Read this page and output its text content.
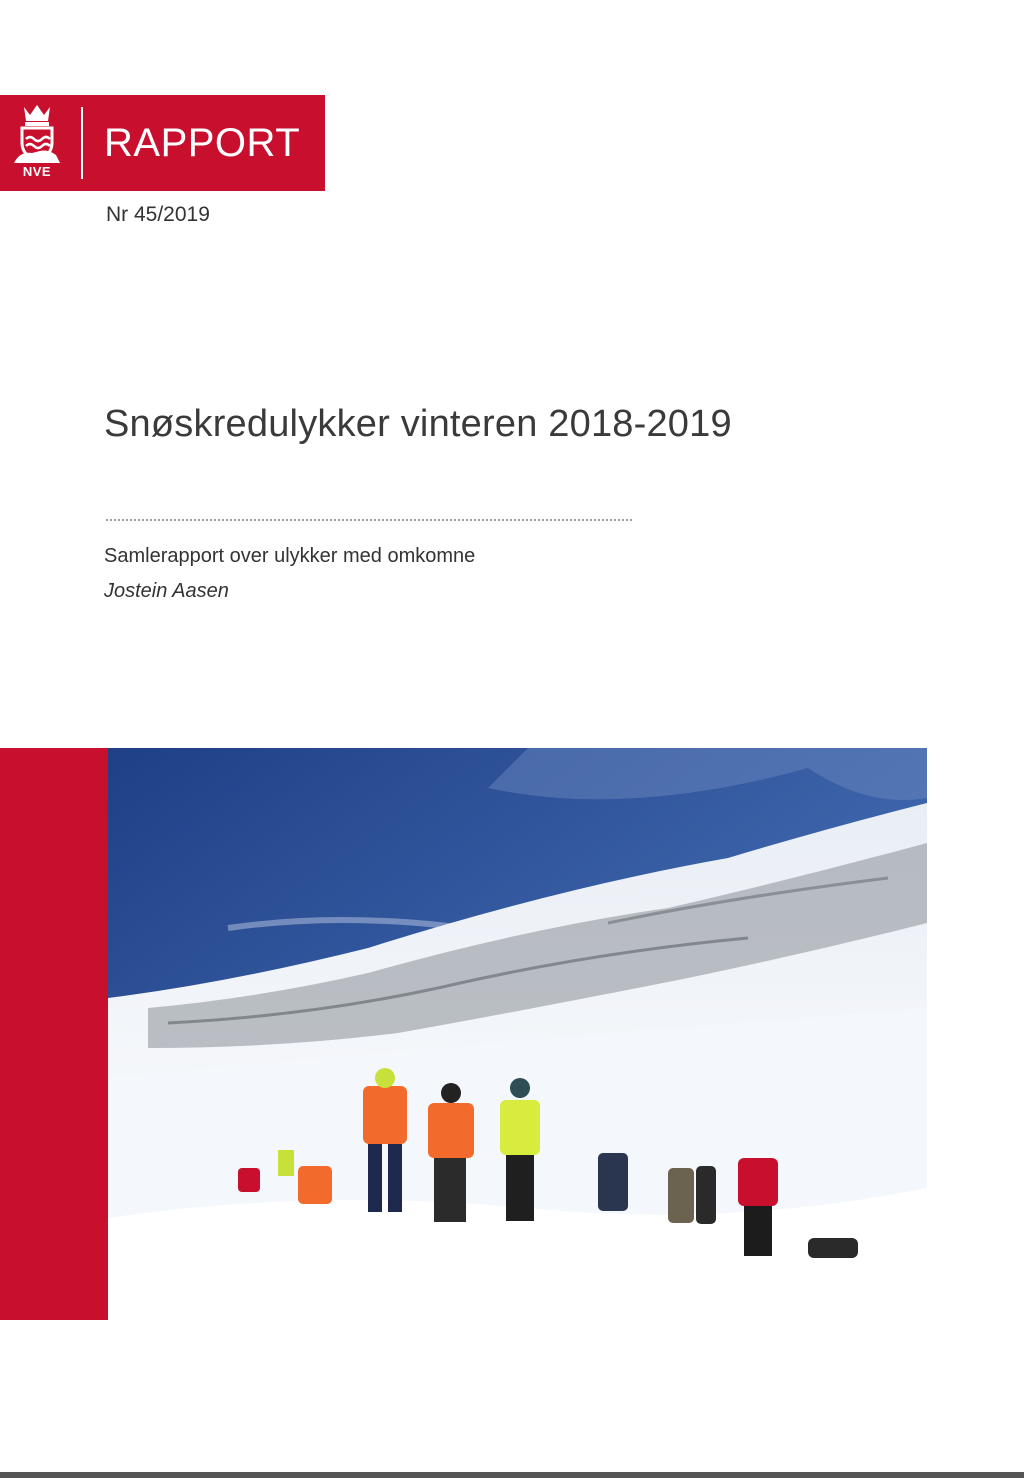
NVE
RAPPORT
Nr 45/2019
Snøskredulykker vinteren 2018-2019
Samlerapport over ulykker med omkomne
Jostein Aasen
